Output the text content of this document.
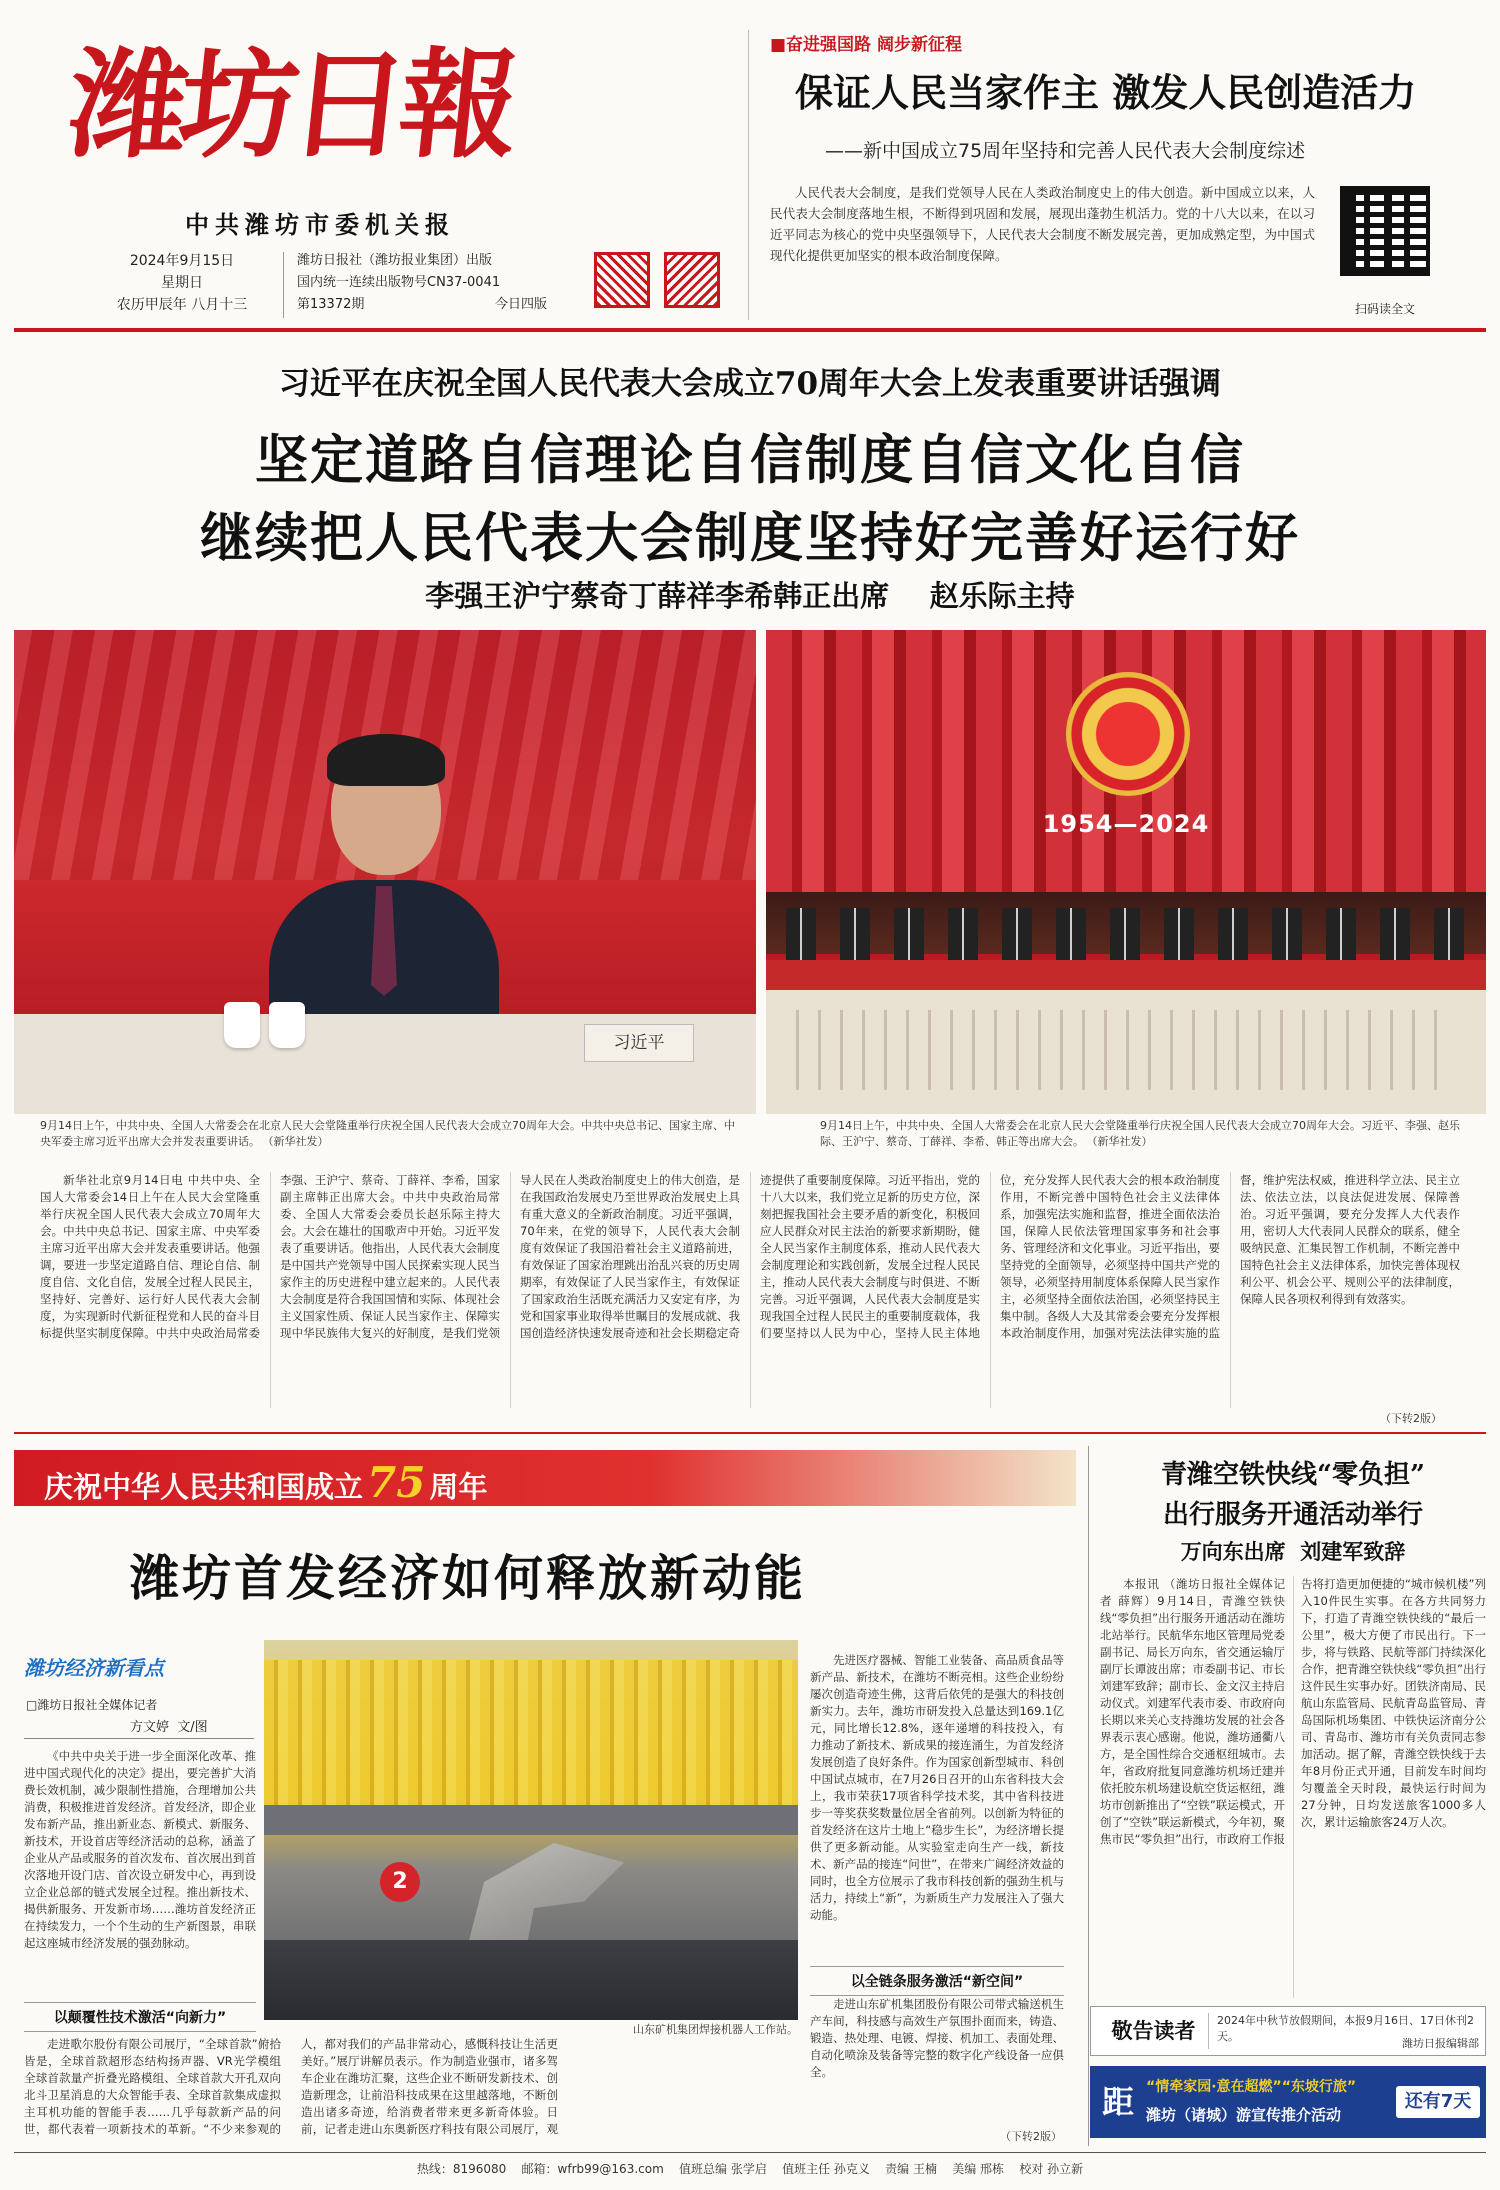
潍坊日報
中共潍坊市委机关报
2024年9月15日
星期日
农历甲辰年 八月十三
潍坊日报社（潍坊报业集团）出版
国内统一连续出版物号CN37-0041
第13372期	今日四版
■奋进强国路 阔步新征程
保证人民当家作主 激发人民创造活力
——新中国成立75周年坚持和完善人民代表大会制度综述
人民代表大会制度，是我们党领导人民在人类政治制度史上的伟大创造。新中国成立以来，人民代表大会制度落地生根，不断得到巩固和发展，展现出蓬勃生机活力。党的十八大以来，在以习近平同志为核心的党中央坚强领导下，人民代表大会制度不断发展完善，更加成熟定型，为中国式现代化提供更加坚实的根本政治制度保障。
扫码读全文
习近平在庆祝全国人民代表大会成立70周年大会上发表重要讲话强调
坚定道路自信理论自信制度自信文化自信
继续把人民代表大会制度坚持好完善好运行好
李强王沪宁蔡奇丁薛祥李希韩正出席    赵乐际主持
习近平
1954—2024
9月14日上午，中共中央、全国人大常委会在北京人民大会堂隆重举行庆祝全国人民代表大会成立70周年大会。中共中央总书记、国家主席、中央军委主席习近平出席大会并发表重要讲话。 （新华社发）
9月14日上午，中共中央、全国人大常委会在北京人民大会堂隆重举行庆祝全国人民代表大会成立70周年大会。习近平、李强、赵乐际、王沪宁、蔡奇、丁薛祥、李希、韩正等出席大会。 （新华社发）
新华社北京9月14日电 中共中央、全国人大常委会14日上午在人民大会堂隆重举行庆祝全国人民代表大会成立70周年大会。中共中央总书记、国家主席、中央军委主席习近平出席大会并发表重要讲话。他强调，要进一步坚定道路自信、理论自信、制度自信、文化自信，发展全过程人民民主，坚持好、完善好、运行好人民代表大会制度，为实现新时代新征程党和人民的奋斗目标提供坚实制度保障。中共中央政治局常委李强、王沪宁、蔡奇、丁薛祥、李希，国家副主席韩正出席大会。中共中央政治局常委、全国人大常委会委员长赵乐际主持大会。大会在雄壮的国歌声中开始。习近平发表了重要讲话。他指出，人民代表大会制度是中国共产党领导中国人民探索实现人民当家作主的历史进程中建立起来的。人民代表大会制度是符合我国国情和实际、体现社会主义国家性质、保证人民当家作主、保障实现中华民族伟大复兴的好制度，是我们党领导人民在人类政治制度史上的伟大创造，是在我国政治发展史乃至世界政治发展史上具有重大意义的全新政治制度。习近平强调，70年来，在党的领导下，人民代表大会制度有效保证了我国沿着社会主义道路前进，有效保证了国家治理跳出治乱兴衰的历史周期率，有效保证了人民当家作主，有效保证了国家政治生活既充满活力又安定有序，为党和国家事业取得举世瞩目的发展成就、我国创造经济快速发展奇迹和社会长期稳定奇迹提供了重要制度保障。习近平指出，党的十八大以来，我们党立足新的历史方位，深刻把握我国社会主要矛盾的新变化，积极回应人民群众对民主法治的新要求新期盼，健全人民当家作主制度体系，推动人民代表大会制度理论和实践创新，发展全过程人民民主，推动人民代表大会制度与时俱进、不断完善。习近平强调，人民代表大会制度是实现我国全过程人民民主的重要制度载体，我们要坚持以人民为中心，坚持人民主体地位，充分发挥人民代表大会的根本政治制度作用，不断完善中国特色社会主义法律体系，加强宪法实施和监督，推进全面依法治国，保障人民依法管理国家事务和社会事务、管理经济和文化事业。习近平指出，要坚持党的全面领导，必须坚持中国共产党的领导，必须坚持用制度体系保障人民当家作主，必须坚持全面依法治国，必须坚持民主集中制。各级人大及其常委会要充分发挥根本政治制度作用，加强对宪法法律实施的监督，维护宪法权威，推进科学立法、民主立法、依法立法，以良法促进发展、保障善治。习近平强调，要充分发挥人大代表作用，密切人大代表同人民群众的联系，健全吸纳民意、汇集民智工作机制，不断完善中国特色社会主义法律体系，加快完善体现权利公平、机会公平、规则公平的法律制度，保障人民各项权利得到有效落实。
（下转2版）
庆祝中华人民共和国成立75 周年
潍坊首发经济如何释放新动能
潍坊经济新看点
□潍坊日报社全媒体记者
方文婷  文/图
《中共中央关于进一步全面深化改革、推进中国式现代化的决定》提出，要完善扩大消费长效机制，减少限制性措施，合理增加公共消费，积极推进首发经济。首发经济，即企业发布新产品，推出新业态、新模式、新服务、新技术，开设首店等经济活动的总称，涵盖了企业从产品或服务的首次发布、首次展出到首次落地开设门店、首次设立研发中心，再到设立企业总部的链式发展全过程。推出新技术、揭供新服务、开发新市场……潍坊首发经济正在持续发力，一个个生动的生产新图景，串联起这座城市经济发展的强劲脉动。
以颠覆性技术激活“向新力”
2
山东矿机集团焊接机器人工作站。
走进歌尔股份有限公司展厅，“全球首款”俯拾皆是，全球首款超形态结构扬声器、VR光学模组全球首款量产折叠光路模组、全球首款大开孔双向北斗卫星消息的大众智能手表、全球首款集成虚拟主耳机功能的智能手表……几乎每款新产品的问世，都代表着一项新技术的革新。“不少来参观的人，都对我们的产品非常动心，感慨科技让生活更美好。”展厅讲解员表示。作为制造业强市，诸多驾车企业在潍坊汇聚，这些企业不断研发新技术、创造新理念，让前沿科技成果在这里越落地，不断创造出诸多奇迹，给消费者带来更多新奇体验。日前，记者走进山东奥新医疗科技有限公司展厅，观
先进医疗器械、智能工业装备、高品质食品等新产品、新技术，在潍坊不断亮相。这些企业纷纷屡次创造奇迹生佛，这背后依凭的是强大的科技创新实力。去年，潍坊市研发投入总量达到169.1亿元，同比增长12.8%，逐年递增的科技投入，有力推动了新技术、新成果的接连涌生，为首发经济发展创造了良好条件。作为国家创新型城市、科创中国试点城市，在7月26日召开的山东省科技大会上，我市荣获17项省科学技术奖，其中省科技进步一等奖获奖数量位居全省前列。以创新为特征的首发经济在这片土地上“稳步生长”，为经济增长提供了更多新动能。从实验室走向生产一线，新技术、新产品的接连“问世”，在带来广阔经济效益的同时，也全方位展示了我市科技创新的强劲生机与活力，持续上“新”，为新质生产力发展注入了强大动能。
以全链条服务激活“新空间”
走进山东矿机集团股份有限公司带式输送机生产车间，科技感与高效生产氛围扑面而来，铸造、锻造、热处理、电镀、焊接、机加工、表面处理、自动化喷涂及装备等完整的数字化产线设备一应俱全。
（下转2版）
青潍空铁快线“零负担”
出行服务开通活动举行
万向东出席  刘建军致辞
本报讯 （潍坊日报社全媒体记者 薛辉）9月14日，青潍空铁快线“零负担”出行服务开通活动在潍坊北站举行。民航华东地区管理局党委副书记、局长万向东，省交通运输厅副厅长谭波出席；市委副书记、市长刘建军致辞；副市长、金文汉主持启动仪式。刘建军代表市委、市政府向长期以来关心支持潍坊发展的社会各界表示衷心感谢。他说，潍坊通衢八方，是全国性综合交通枢纽城市。去年，省政府批复同意潍坊机场迁建并依托胶东机场建设航空货运枢纽，潍坊市创新推出了“空铁”联运模式，开创了“空铁”联运新模式，今年初，聚焦市民“零负担”出行，市政府工作报告将打造更加便捷的“城市候机楼”列入10件民生实事。在各方共同努力下，打造了青潍空铁快线的“最后一公里”，极大方便了市民出行。下一步，将与铁路、民航等部门持续深化合作，把青潍空铁快线“零负担”出行这件民生实事办好。团铁济南局、民航山东监管局、民航青岛监管局、青岛国际机场集团、中铁快运济南分公司、青岛市、潍坊市有关负责同志参加活动。据了解，青潍空铁快线于去年8月份正式开通，目前发车时间均匀覆盖全天时段，最快运行时间为27分钟，日均发送旅客1000多人次，累计运输旅客24万人次。
敬告读者	2024年中秋节放假期间，本报9月16日、17日休刊2天。
潍坊日报编辑部
距 “情牵家园·意在超燃”“东坡行旅”
潍坊（诸城）游宣传推介活动
还有7天
热线：8196080    邮箱：wfrb99@163.com    值班总编 张学启    值班主任 孙克义    责编 王楠    美编 邢栋    校对 孙立新
